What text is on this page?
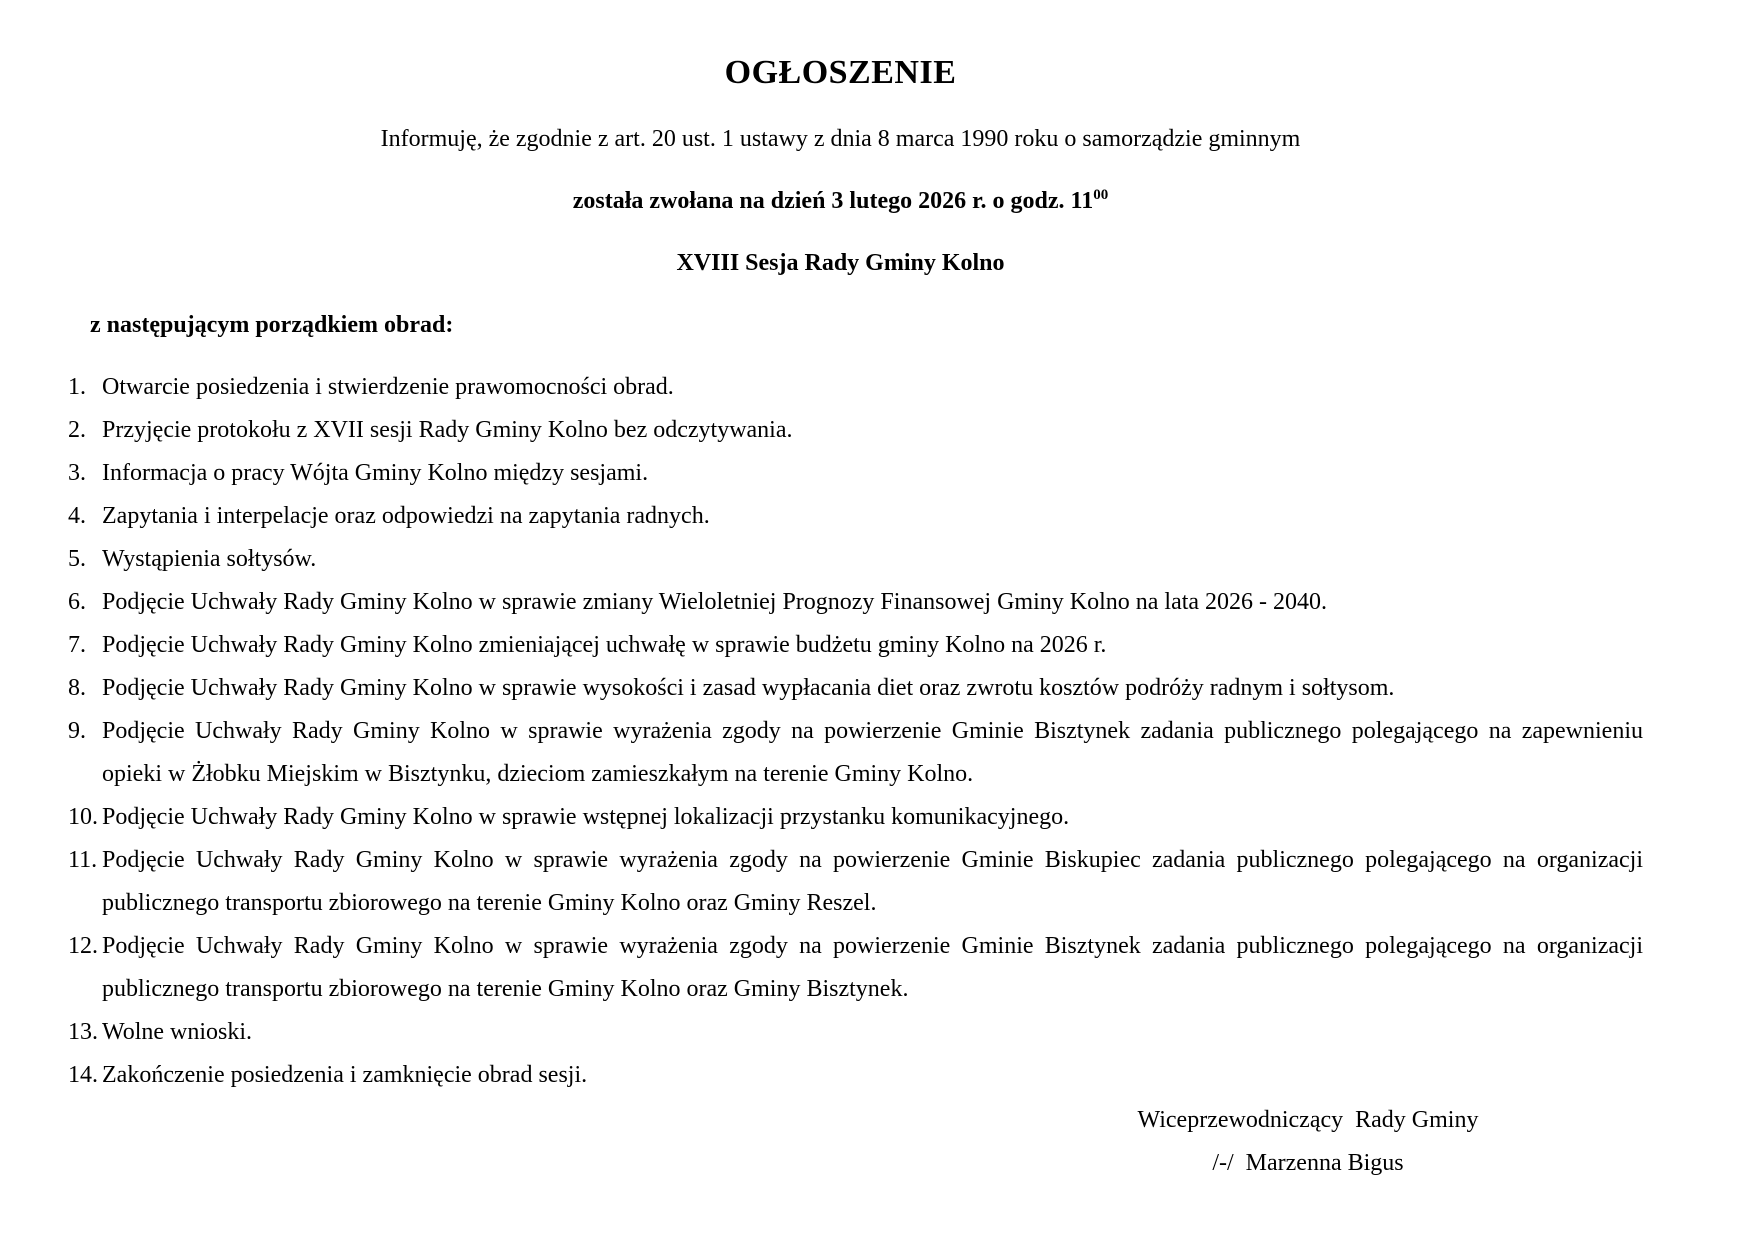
OGŁOSZENIE
Informuję, że zgodnie z art. 20 ust. 1 ustawy z dnia 8 marca 1990 roku o samorządzie gminnym
została zwołana na dzień 3 lutego 2026 r. o godz. $11^{00}$
XVIII Sesja Rady Gminy Kolno
z następującym porządkiem obrad:
1. Otwarcie posiedzenia i stwierdzenie prawomocności obrad.
2. Przyjęcie protokołu z XVII sesji Rady Gminy Kolno bez odczytywania.
3. Informacja o pracy Wójta Gminy Kolno między sesjami.
4. Zapytania i interpelacje oraz odpowiedzi na zapytania radnych.
5. Wystąpienia sołtysów.
6. Podjęcie Uchwały Rady Gminy Kolno w sprawie zmiany Wieloletniej Prognozy Finansowej Gminy Kolno na lata 2026 - 2040.
7. Podjęcie Uchwały Rady Gminy Kolno zmieniającej uchwałę w sprawie budżetu gminy Kolno na 2026 r.
8. Podjęcie Uchwały Rady Gminy Kolno w sprawie wysokości i zasad wypłacania diet oraz zwrotu kosztów podróży radnym i sołtysom.
9. Podjęcie Uchwały Rady Gminy Kolno w sprawie wyrażenia zgody na powierzenie Gminie Bisztynek zadania publicznego polegającego na zapewnieniu
opieki w Żłobku Miejskim w Bisztynku, dzieciom zamieszkałym na terenie Gminy Kolno.
10. Podjęcie Uchwały Rady Gminy Kolno w sprawie wstępnej lokalizacji przystanku komunikacyjnego.
11. Podjęcie Uchwały Rady Gminy Kolno w sprawie wyrażenia zgody na powierzenie Gminie Biskupiec zadania publicznego polegającego na organizacji
publicznego transportu zbiorowego na terenie Gminy Kolno oraz Gminy Reszel.
12. Podjęcie Uchwały Rady Gminy Kolno w sprawie wyrażenia zgody na powierzenie Gminie Bisztynek zadania publicznego polegającego na organizacji
publicznego transportu zbiorowego na terenie Gminy Kolno oraz Gminy Bisztynek.
13. Wolne wnioski.
14. Zakończenie posiedzenia i zamknięcie obrad sesji.
Wiceprzewodniczący  Rady Gminy
/-/  Marzenna Bigus
